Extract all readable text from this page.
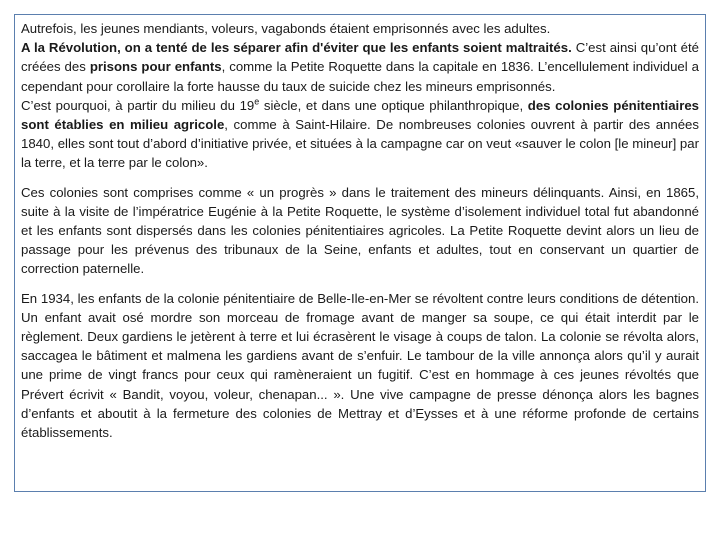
Autrefois, les jeunes mendiants, voleurs, vagabonds étaient emprisonnés avec les adultes.
A la Révolution, on a tenté de les séparer afin d'éviter que les enfants soient maltraités. C’est ainsi qu’ont été créées des prisons pour enfants, comme la Petite Roquette dans la capitale en 1836. L’encellulement individuel a cependant pour corollaire la forte hausse du taux de suicide chez les mineurs emprisonnés.
C’est pourquoi, à partir du milieu du 19e siècle, et dans une optique philanthropique, des colonies pénitentiaires sont établies en milieu agricole, comme à Saint-Hilaire. De nombreuses colonies ouvrent à partir des années 1840, elles sont tout d’abord d’initiative privée, et situées à la campagne car on veut «sauver le colon [le mineur] par la terre, et la terre par le colon».

Ces colonies sont comprises comme « un progrès » dans le traitement des mineurs délinquants. Ainsi, en 1865, suite à la visite de l’impératrice Eugénie à la Petite Roquette, le système d’isolement individuel total fut abandonné et les enfants sont dispersés dans les colonies pénitentiaires agricoles. La Petite Roquette devint alors un lieu de passage pour les prévenus des tribunaux de la Seine, enfants et adultes, tout en conservant un quartier de correction paternelle.

En 1934, les enfants de la colonie pénitentiaire de Belle-Ile-en-Mer se révoltent contre leurs conditions de détention. Un enfant avait osé mordre son morceau de fromage avant de manger sa soupe, ce qui était interdit par le règlement. Deux gardiens le jetèrent à terre et lui écrasèrent le visage à coups de talon. La colonie se révolta alors, saccagea le bâtiment et malmena les gardiens avant de s’enfuir. Le tambour de la ville annonça alors qu’il y aurait une prime de vingt francs pour ceux qui ramèneraient un fugitif. C’est en hommage à ces jeunes révoltés que Prévert écrivit « Bandit, voyou, voleur, chenapan... ». Une vive campagne de presse dénonça alors les bagnes d’enfants et aboutit à la fermeture des colonies de Mettray et d’Eysses et à une réforme profonde de certains établissements.
